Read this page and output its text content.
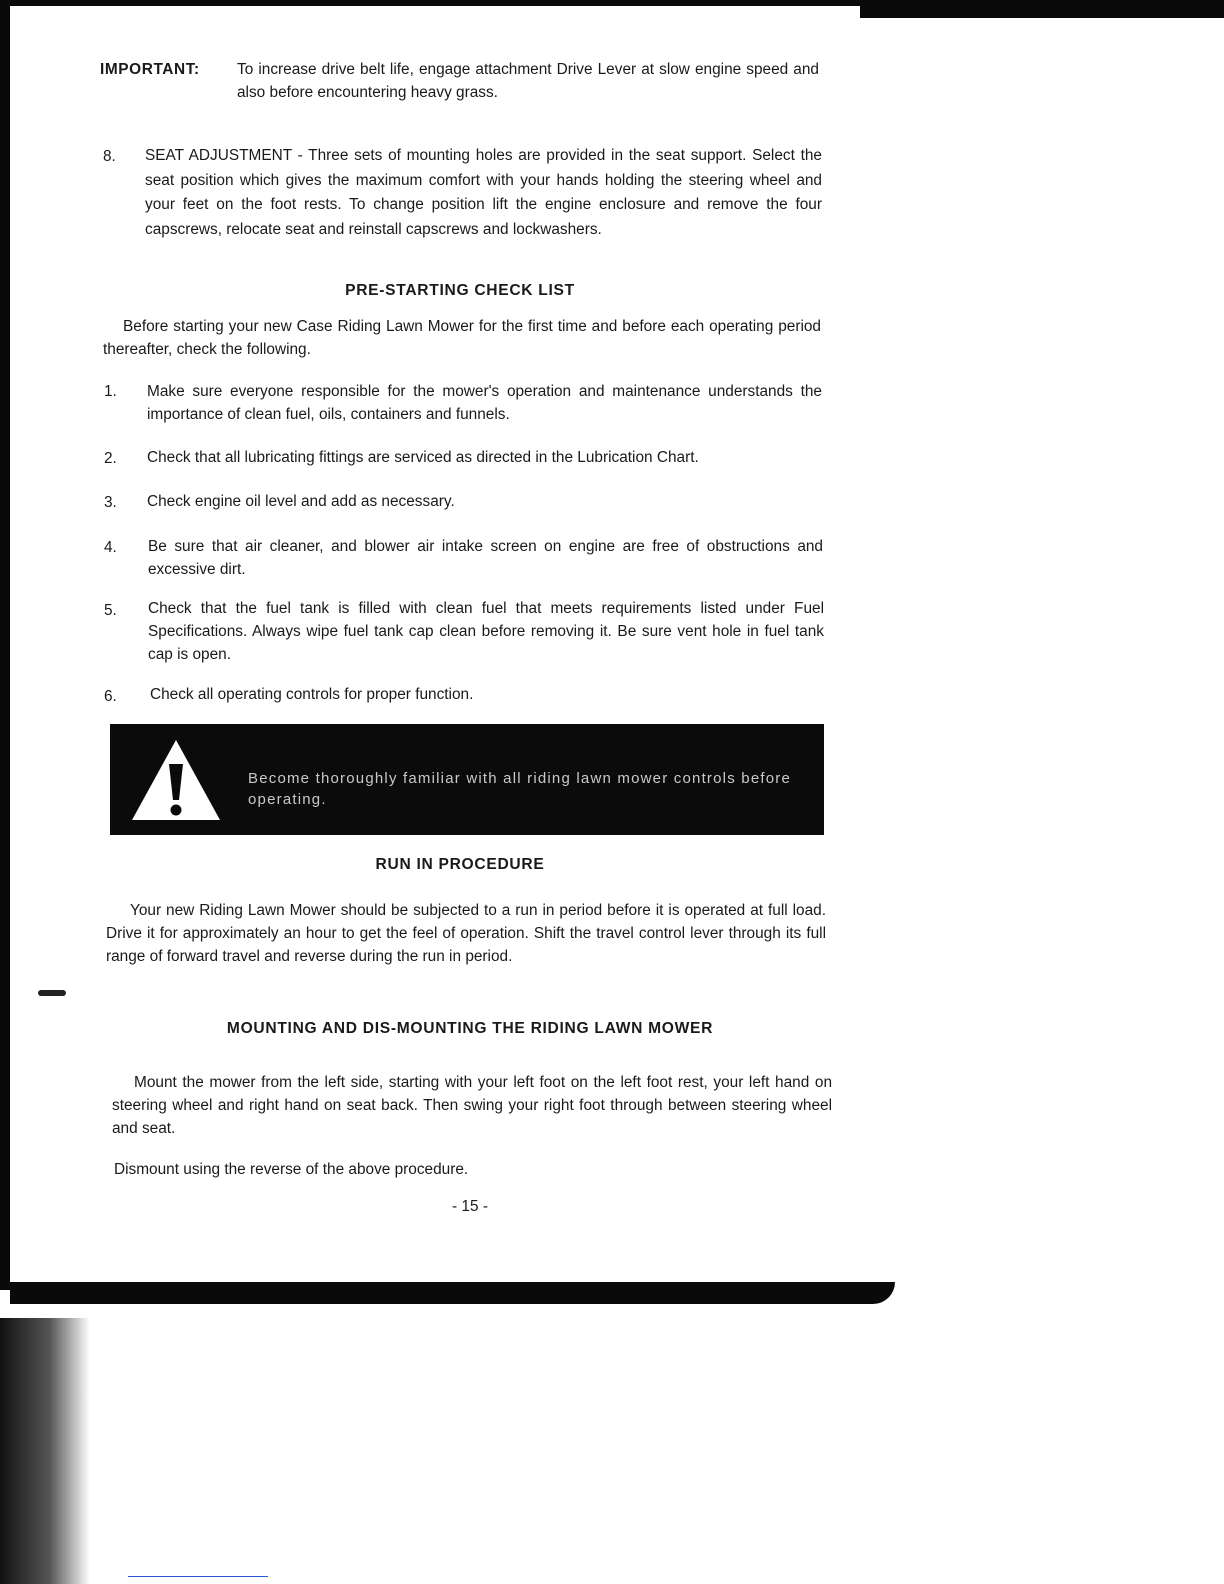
IMPORTANT: To increase drive belt life, engage attachment Drive Lever at slow engine speed and also before encountering heavy grass.
8. SEAT ADJUSTMENT - Three sets of mounting holes are provided in the seat support. Select the seat position which gives the maximum comfort with your hands holding the steering wheel and your feet on the foot rests. To change position lift the engine enclosure and remove the four capscrews, relocate seat and reinstall capscrews and lockwashers.
PRE-STARTING CHECK LIST
Before starting your new Case Riding Lawn Mower for the first time and before each operating period thereafter, check the following.
1. Make sure everyone responsible for the mower's operation and maintenance understands the importance of clean fuel, oils, containers and funnels.
2. Check that all lubricating fittings are serviced as directed in the Lubrication Chart.
3. Check engine oil level and add as necessary.
4. Be sure that air cleaner, and blower air intake screen on engine are free of obstructions and excessive dirt.
5. Check that the fuel tank is filled with clean fuel that meets requirements listed under Fuel Specifications. Always wipe fuel tank cap clean before removing it. Be sure vent hole in fuel tank cap is open.
6. Check all operating controls for proper function.
Become thoroughly familiar with all riding lawn mower controls before operating.
RUN IN PROCEDURE
Your new Riding Lawn Mower should be subjected to a run in period before it is operated at full load. Drive it for approximately an hour to get the feel of operation. Shift the travel control lever through its full range of forward travel and reverse during the run in period.
MOUNTING AND DIS-MOUNTING THE RIDING LAWN MOWER
Mount the mower from the left side, starting with your left foot on the left foot rest, your left hand on steering wheel and right hand on seat back. Then swing your right foot through between steering wheel and seat.
Dismount using the reverse of the above procedure.
- 15 -
